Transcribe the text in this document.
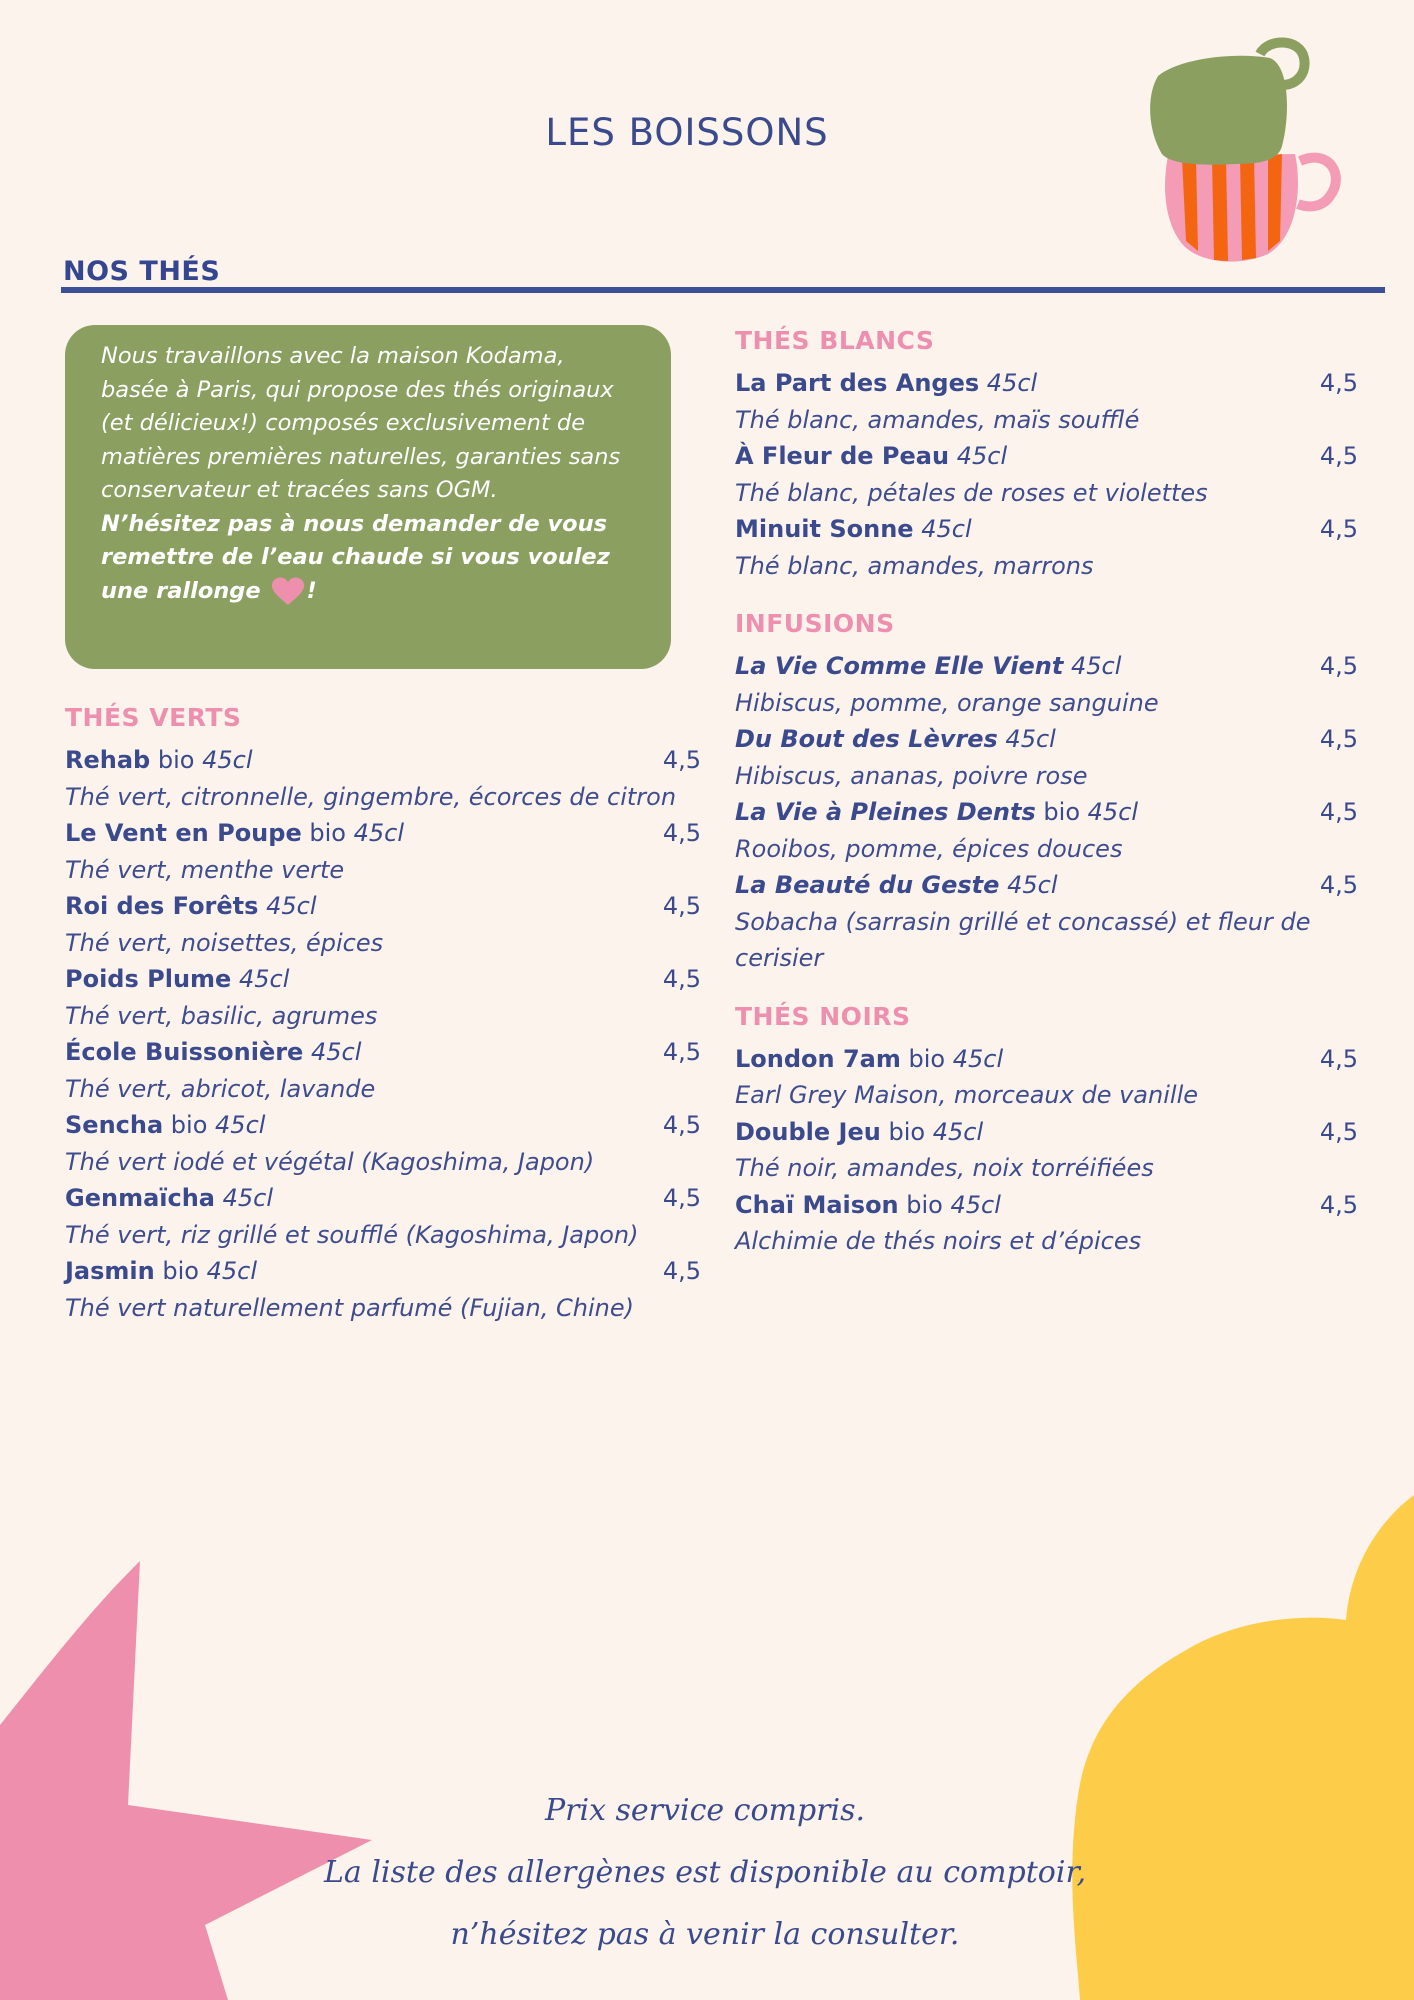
LES BOISSONS
NOS THÉS

Nous travaillons avec la maison Kodama, basée à Paris, qui propose des thés originaux (et délicieux!) composés exclusivement de matières premières naturelles, garanties sans conservateur et tracées sans OGM.

N’hésitez pas à nous demander de vous remettre de l’eau chaude si vous voulez une rallonge !

THÉS VERTS
Rehab bio 45cl	4,5
Thé vert, citronnelle, gingembre, écorces de citron
Le Vent en Poupe bio 45cl	4,5
Thé vert, menthe verte
Roi des Forêts 45cl	4,5
Thé vert, noisettes, épices
Poids Plume 45cl	4,5
Thé vert, basilic, agrumes
École Buissonière 45cl	4,5
Thé vert, abricot, lavande
Sencha bio 45cl	4,5
Thé vert iodé et végétal (Kagoshima, Japon)
Genmaïcha 45cl	4,5
Thé vert, riz grillé et soufflé (Kagoshima, Japon)
Jasmin bio 45cl	4,5
Thé vert naturellement parfumé (Fujian, Chine)
THÉS BLANCS
La Part des Anges 45cl	4,5
Thé blanc, amandes, maïs soufflé
À Fleur de Peau 45cl	4,5
Thé blanc, pétales de roses et violettes
Minuit Sonne 45cl	4,5
Thé blanc, amandes, marrons
INFUSIONS
La Vie Comme Elle Vient 45cl	4,5
Hibiscus, pomme, orange sanguine
Du Bout des Lèvres 45cl	4,5
Hibiscus, ananas, poivre rose
La Vie à Pleines Dents bio 45cl	4,5
Rooibos, pomme, épices douces
La Beauté du Geste 45cl	4,5
Sobacha (sarrasin grillé et concassé) et fleur de cerisier
THÉS NOIRS
London 7am bio 45cl	4,5
Earl Grey Maison, morceaux de vanille
Double Jeu bio 45cl	4,5
Thé noir, amandes, noix torréifiées
Chaï Maison bio 45cl	4,5
Alchimie de thés noirs et d’épices
Prix service compris.
La liste des allergènes est disponible au comptoir,
n’hésitez pas à venir la consulter.
